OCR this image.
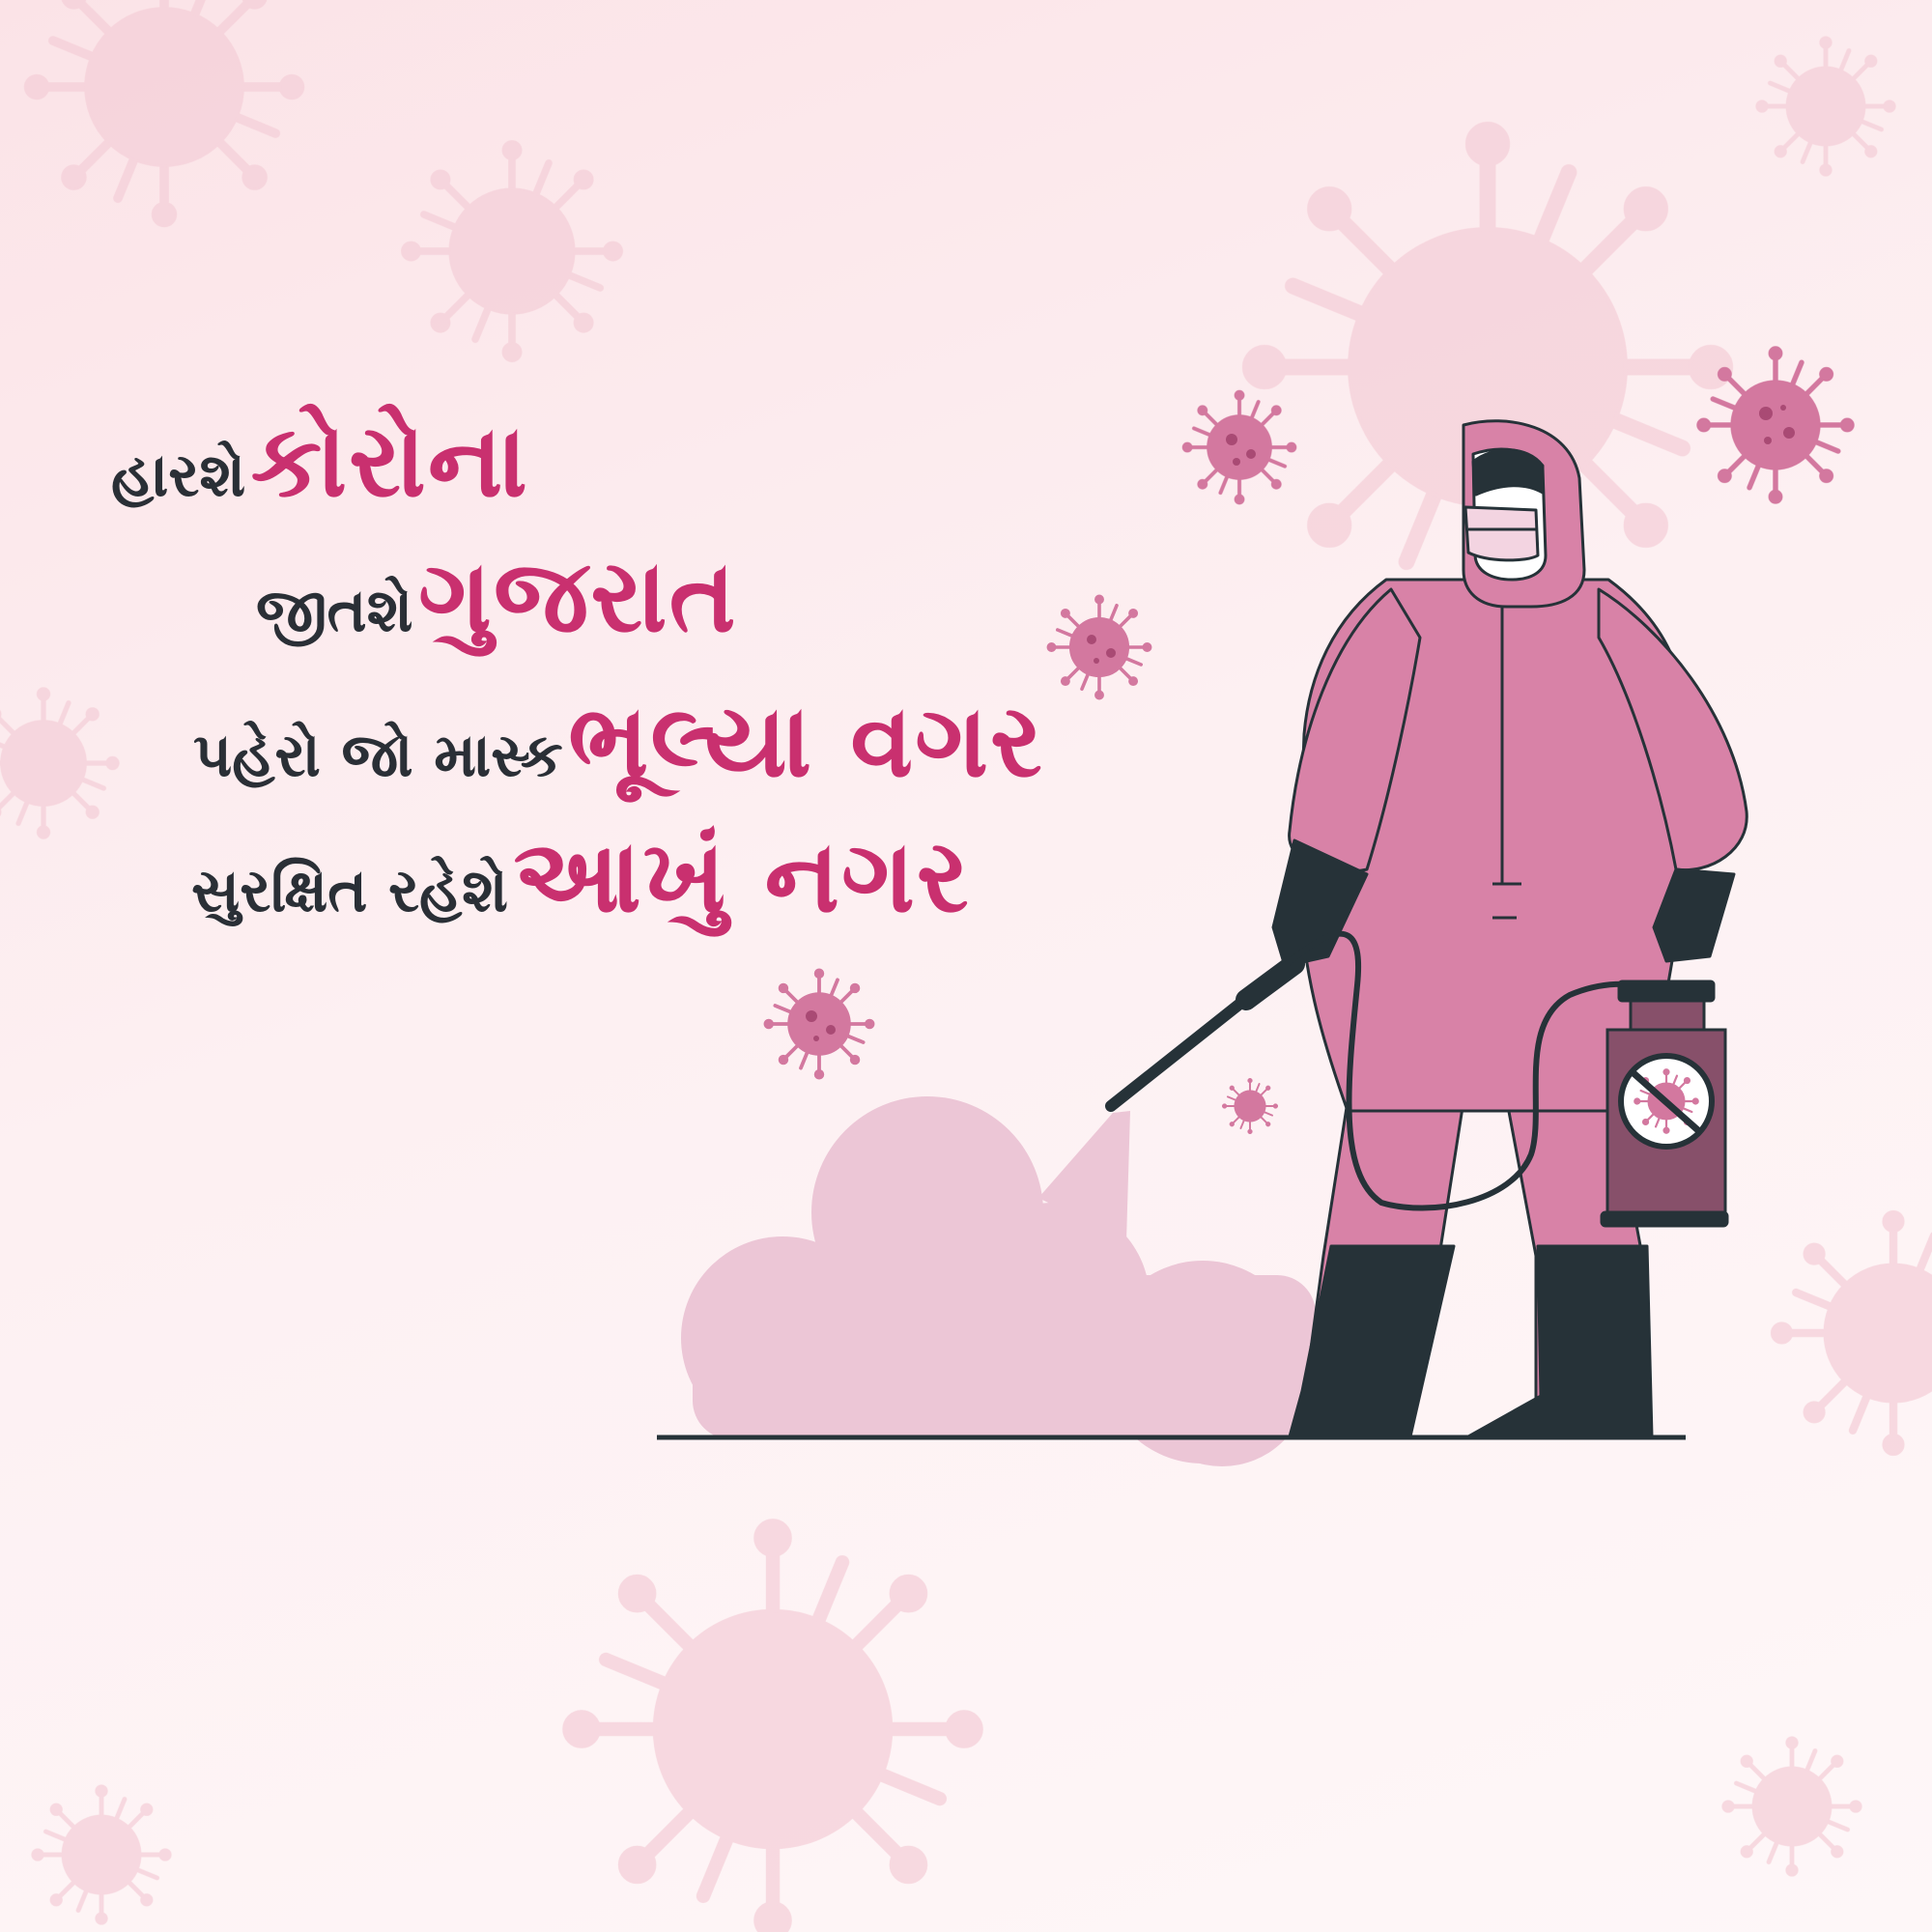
હારશે કોરોના
જીતશે ગુજરાત
પહેરો જો માસ્ક ભૂલ્યા વગર
સુરક્ષિત રહેશે આખું નગર
